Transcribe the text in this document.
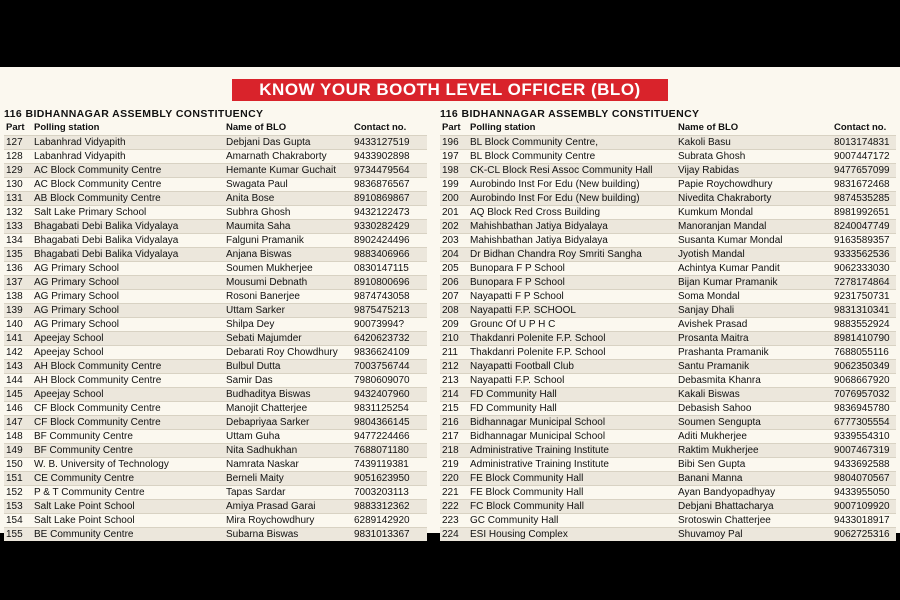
KNOW YOUR BOOTH LEVEL OFFICER (BLO)
116 BIDHANNAGAR ASSEMBLY CONSTITUENCY
Part	Polling station	Name of BLO	Contact no.
127	Labanhrad Vidyapith	Debjani Das Gupta	9433127519
128	Labanhrad Vidyapith	Amarnath Chakraborty	9433902898
129	AC Block Community Centre	Hemante Kumar Guchait	9734479564
130	AC Block Community Centre	Swagata Paul	9836876567
131	AB Block Community Centre	Anita Bose	8910869867
132	Salt Lake Primary School	Subhra Ghosh	9432122473
133	Bhagabati Debi Balika Vidyalaya	Maumita Saha	9330282429
134	Bhagabati Debi Balika Vidyalaya	Falguni Pramanik	8902424496
135	Bhagabati Debi Balika Vidyalaya	Anjana Biswas	9883406966
136	AG Primary School	Soumen Mukherjee	0830147115
137	AG Primary School	Mousumi Debnath	8910800696
138	AG Primary School	Rosoni Banerjee	9874743058
139	AG Primary School	Uttam Sarker	9875475213
140	AG Primary School	Shilpa Dey	90073994?
141	Apeejay School	Sebati Majumder	6420623732
142	Apeejay School	Debarati Roy Chowdhury	9836624109
143	AH Block Community Centre	Bulbul Dutta	7003756744
144	AH Block Community Centre	Samir Das	7980609070
145	Apeejay School	Budhaditya Biswas	9432407960
146	CF Block Community Centre	Manojit Chatterjee	9831125254
147	CF Block Community Centre	Debapriyaa Sarker	9804366145
148	BF Community Centre	Uttam Guha	9477224466
149	BF Community Centre	Nita Sadhukhan	7688071180
150	W. B. University of Technology	Namrata Naskar	7439119381
151	CE Community Centre	Berneli Maity	9051623950
152	P & T Community Centre	Tapas Sardar	7003203113
153	Salt Lake Point School	Amiya Prasad Garai	9883312362
154	Salt Lake Point School	Mira Roychowdhury	6289142920
155	BE Community Centre	Subarna Biswas	9831013367
116 BIDHANNAGAR ASSEMBLY CONSTITUENCY
Part	Polling station	Name of BLO	Contact no.
196	BL Block Community Centre,	Kakoli Basu	8013174831
197	BL Block Community Centre	Subrata Ghosh	9007447172
198	CK-CL Block Resi Assoc Community Hall	Vijay Rabidas	9477657099
199	Aurobindo Inst For Edu (New building)	Papie Roychowdhury	9831672468
200	Aurobindo Inst For Edu (New building)	Nivedita Chakraborty	9874535285
201	AQ Block Red Cross Building	Kumkum Mondal	8981992651
202	Mahishbathan Jatiya Bidyalaya	Manoranjan Mandal	8240047749
203	Mahishbathan Jatiya Bidyalaya	Susanta Kumar Mondal	9163589357
204	Dr Bidhan Chandra Roy Smriti Sangha	Jyotish Mandal	9333562536
205	Bunopara F P School	Achintya Kumar Pandit	9062333030
206	Bunopara F P School	Bijan Kumar Pramanik	7278174864
207	Nayapatti F P School	Soma Mondal	9231750731
208	Nayapatti F.P. SCHOOL	Sanjay Dhali	9831310341
209	Grounc Of U P H C	Avishek Prasad	9883552924
210	Thakdanri Polenite F.P. School	Prosanta Maitra	8981410790
211	Thakdanri Polenite F.P. School	Prashanta Pramanik	7688055116
212	Nayapatti Football Club	Santu Pramanik	9062350349
213	Nayapatti F.P. School	Debasmita Khanra	9068667920
214	FD Community Hall	Kakali Biswas	7076957032
215	FD Community Hall	Debasish Sahoo	9836945780
216	Bidhannagar Municipal School	Soumen Sengupta	6777305554
217	Bidhannagar Municipal School	Aditi Mukherjee	9339554310
218	Administrative Training Institute	Raktim Mukherjee	9007467319
219	Administrative Training Institute	Bibi Sen Gupta	9433692588
220	FE Block Community Hall	Banani Manna	9804070567
221	FE Block Community Hall	Ayan Bandyopadhyay	9433955050
222	FC Block Community Hall	Debjani Bhattacharya	9007109920
223	GC Community Hall	Srotoswin Chatterjee	9433018917
224	ESI Housing Complex	Shuvamoy Pal	9062725316
